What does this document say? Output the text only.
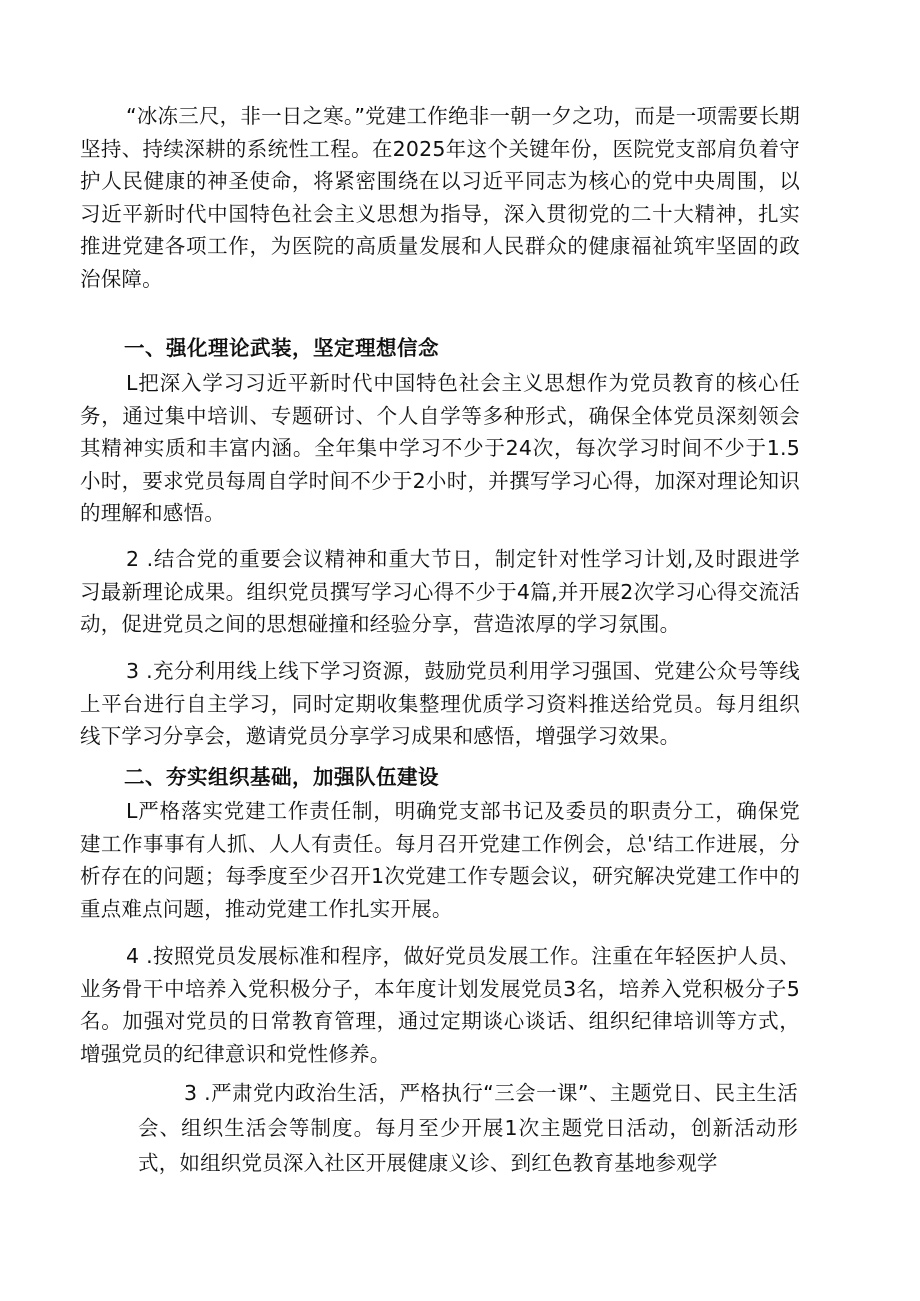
“冰冻三尺，非一日之寒。”党建工作绝非一朝一夕之功，而是一项需要长期坚持、持续深耕的系统性工程。在2025年这个关键年份，医院党支部肩负着守护人民健康的神圣使命，将紧密围绕在以习近平同志为核心的党中央周围，以习近平新时代中国特色社会主义思想为指导，深入贯彻党的二十大精神，扎实推进党建各项工作，为医院的高质量发展和人民群众的健康福祉筑牢坚固的政治保障。

一、强化理论武装，坚定理想信念

L把深入学习习近平新时代中国特色社会主义思想作为党员教育的核心任务，通过集中培训、专题研讨、个人自学等多种形式，确保全体党员深刻领会其精神实质和丰富内涵。全年集中学习不少于24次，每次学习时间不少于1.5小时，要求党员每周自学时间不少于2小时，并撰写学习心得，加深对理论知识的理解和感悟。

2 .结合党的重要会议精神和重大节日，制定针对性学习计划,及时跟进学习最新理论成果。组织党员撰写学习心得不少于4篇,并开展2次学习心得交流活动，促进党员之间的思想碰撞和经验分享，营造浓厚的学习氛围。

3 .充分利用线上线下学习资源，鼓励党员利用学习强国、党建公众号等线上平台进行自主学习，同时定期收集整理优质学习资料推送给党员。每月组织线下学习分享会，邀请党员分享学习成果和感悟，增强学习效果。

二、夯实组织基础，加强队伍建设

L严格落实党建工作责任制，明确党支部书记及委员的职责分工，确保党建工作事事有人抓、人人有责任。每月召开党建工作例会，总'结工作进展，分析存在的问题；每季度至少召开1次党建工作专题会议，研究解决党建工作中的重点难点问题，推动党建工作扎实开展。

4 .按照党员发展标准和程序，做好党员发展工作。注重在年轻医护人员、业务骨干中培养入党积极分子，本年度计划发展党员3名，培养入党积极分子5名。加强对党员的日常教育管理，通过定期谈心谈话、组织纪律培训等方式，增强党员的纪律意识和党性修养。

3 .严肃党内政治生活，严格执行“三会一课”、主题党日、民主生活会、组织生活会等制度。每月至少开展1次主题党日活动，创新活动形式，如组织党员深入社区开展健康义诊、到红色教育基地参观学
